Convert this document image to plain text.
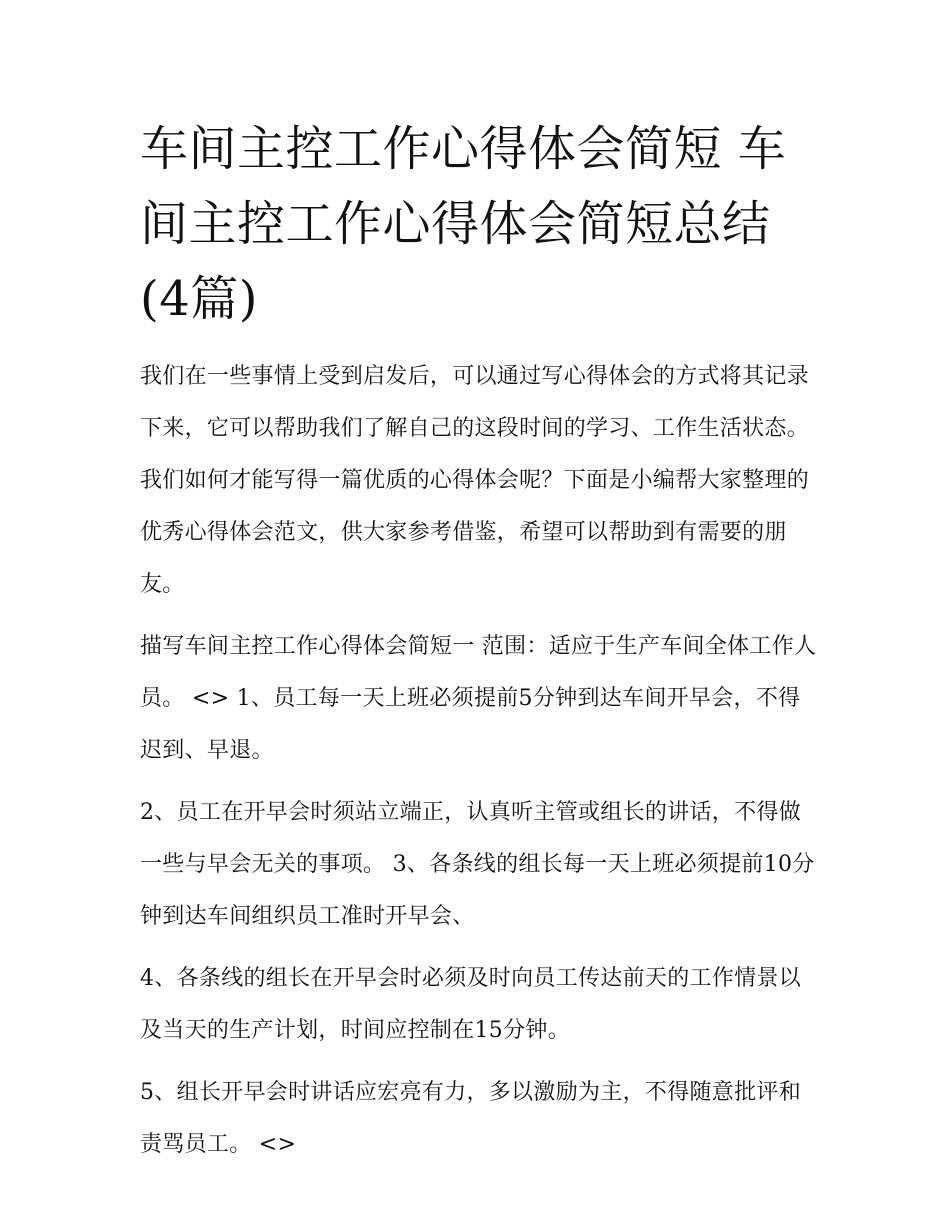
车间主控工作心得体会简短 车间主控工作心得体会简短总结(4篇)

我们在一些事情上受到启发后，可以通过写心得体会的方式将其记录下来，它可以帮助我们了解自己的这段时间的学习、工作生活状态。我们如何才能写得一篇优质的心得体会呢？下面是小编帮大家整理的优秀心得体会范文，供大家参考借鉴，希望可以帮助到有需要的朋友。

描写车间主控工作心得体会简短一 范围：适应于生产车间全体工作人员。 <> 1、员工每一天上班必须提前5分钟到达车间开早会，不得迟到、早退。

2、员工在开早会时须站立端正，认真听主管或组长的讲话，不得做一些与早会无关的事项。 3、各条线的组长每一天上班必须提前10分钟到达车间组织员工准时开早会、

4、各条线的组长在开早会时必须及时向员工传达前天的工作情景以及当天的生产计划，时间应控制在15分钟。

5、组长开早会时讲话应宏亮有力，多以激励为主，不得随意批评和责骂员工。 <>
